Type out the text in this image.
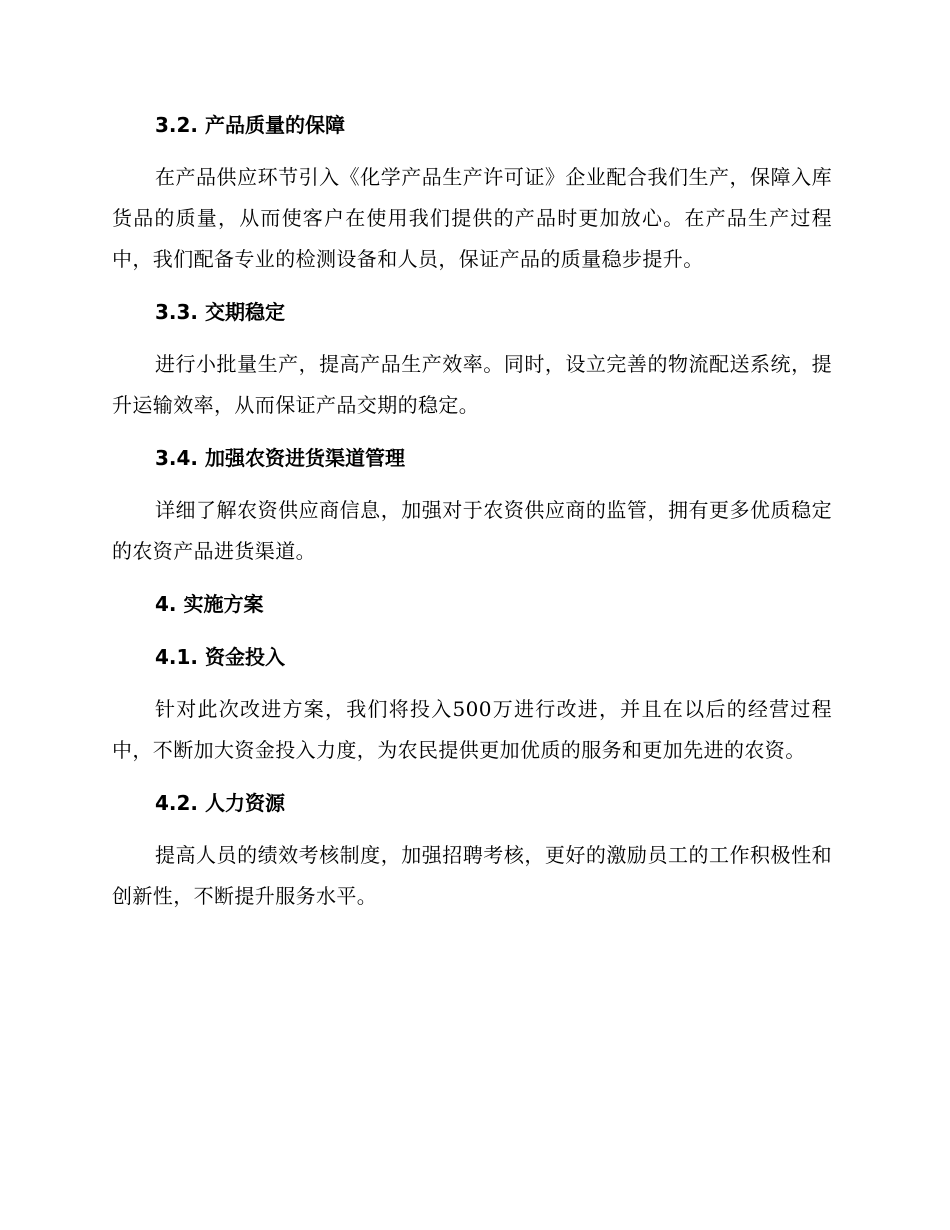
3.2. 产品质量的保障

在产品供应环节引入《化学产品生产许可证》企业配合我们生产，保障入库货品的质量，从而使客户在使用我们提供的产品时更加放心。在产品生产过程中，我们配备专业的检测设备和人员，保证产品的质量稳步提升。

3.3. 交期稳定

进行小批量生产，提高产品生产效率。同时，设立完善的物流配送系统，提升运输效率，从而保证产品交期的稳定。

3.4. 加强农资进货渠道管理

详细了解农资供应商信息，加强对于农资供应商的监管，拥有更多优质稳定的农资产品进货渠道。

4. 实施方案
4.1. 资金投入

针对此次改进方案，我们将投入500万进行改进，并且在以后的经营过程中，不断加大资金投入力度，为农民提供更加优质的服务和更加先进的农资。

4.2. 人力资源

提高人员的绩效考核制度，加强招聘考核，更好的激励员工的工作积极性和创新性，不断提升服务水平。
